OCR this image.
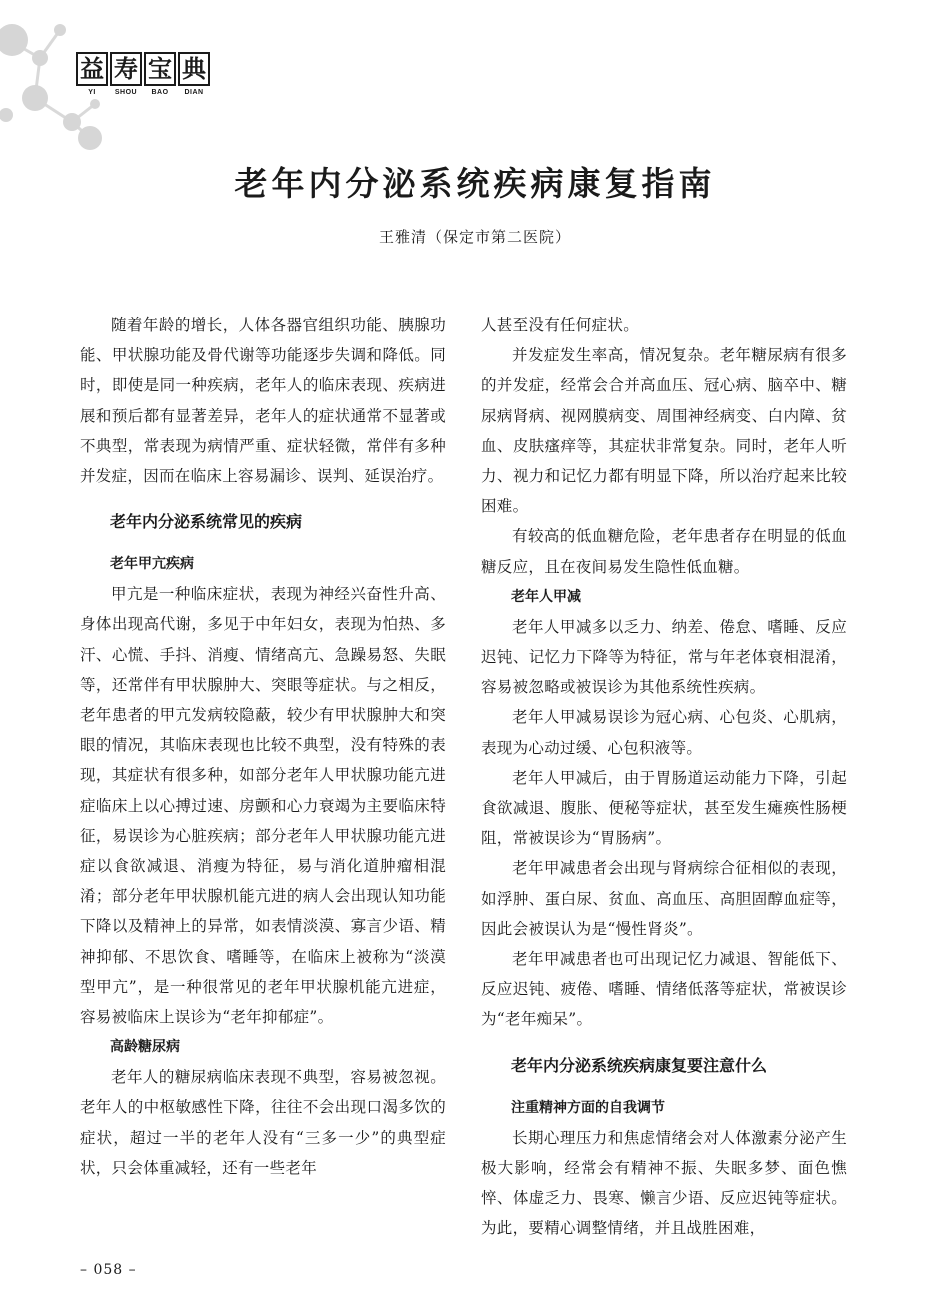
益 寿 宝 典
YI	SHOU	BAO	DIAN
老年内分泌系统疾病康复指南
王雅清（保定市第二医院）

随着年龄的增长，人体各器官组织功能、胰腺功能、甲状腺功能及骨代谢等功能逐步失调和降低。同时，即使是同一种疾病，老年人的临床表现、疾病进展和预后都有显著差异，老年人的症状通常不显著或不典型，常表现为病情严重、症状轻微，常伴有多种并发症，因而在临床上容易漏诊、误判、延误治疗。

老年内分泌系统常见的疾病
老年甲亢疾病

甲亢是一种临床症状，表现为神经兴奋性升高、身体出现高代谢，多见于中年妇女，表现为怕热、多汗、心慌、手抖、消瘦、情绪高亢、急躁易怒、失眠等，还常伴有甲状腺肿大、突眼等症状。与之相反，老年患者的甲亢发病较隐蔽，较少有甲状腺肿大和突眼的情况，其临床表现也比较不典型，没有特殊的表现，其症状有很多种，如部分老年人甲状腺功能亢进症临床上以心搏过速、房颤和心力衰竭为主要临床特征，易误诊为心脏疾病；部分老年人甲状腺功能亢进症以食欲减退、消瘦为特征，易与消化道肿瘤相混淆；部分老年甲状腺机能亢进的病人会出现认知功能下降以及精神上的异常，如表情淡漠、寡言少语、精神抑郁、不思饮食、嗜睡等，在临床上被称为“淡漠型甲亢”，是一种很常见的老年甲状腺机能亢进症，容易被临床上误诊为“老年抑郁症”。

高龄糖尿病

老年人的糖尿病临床表现不典型，容易被忽视。老年人的中枢敏感性下降，往往不会出现口渴多饮的症状，超过一半的老年人没有“三多一少”的典型症状，只会体重减轻，还有一些老年

人甚至没有任何症状。

并发症发生率高，情况复杂。老年糖尿病有很多的并发症，经常会合并高血压、冠心病、脑卒中、糖尿病肾病、视网膜病变、周围神经病变、白内障、贫血、皮肤瘙痒等，其症状非常复杂。同时，老年人听力、视力和记忆力都有明显下降，所以治疗起来比较困难。

有较高的低血糖危险，老年患者存在明显的低血糖反应，且在夜间易发生隐性低血糖。

老年人甲减

老年人甲减多以乏力、纳差、倦怠、嗜睡、反应迟钝、记忆力下降等为特征，常与年老体衰相混淆，容易被忽略或被误诊为其他系统性疾病。

老年人甲减易误诊为冠心病、心包炎、心肌病，表现为心动过缓、心包积液等。

老年人甲减后，由于胃肠道运动能力下降，引起食欲减退、腹胀、便秘等症状，甚至发生瘫痪性肠梗阻，常被误诊为“胃肠病”。

老年甲减患者会出现与肾病综合征相似的表现，如浮肿、蛋白尿、贫血、高血压、高胆固醇血症等，因此会被误认为是“慢性肾炎”。

老年甲减患者也可出现记忆力减退、智能低下、反应迟钝、疲倦、嗜睡、情绪低落等症状，常被误诊为“老年痴呆”。

老年内分泌系统疾病康复要注意什么
注重精神方面的自我调节

长期心理压力和焦虑情绪会对人体激素分泌产生极大影响，经常会有精神不振、失眠多梦、面色憔悴、体虚乏力、畏寒、懒言少语、反应迟钝等症状。为此，要精心调整情绪，并且战胜困难，

– 058 –
